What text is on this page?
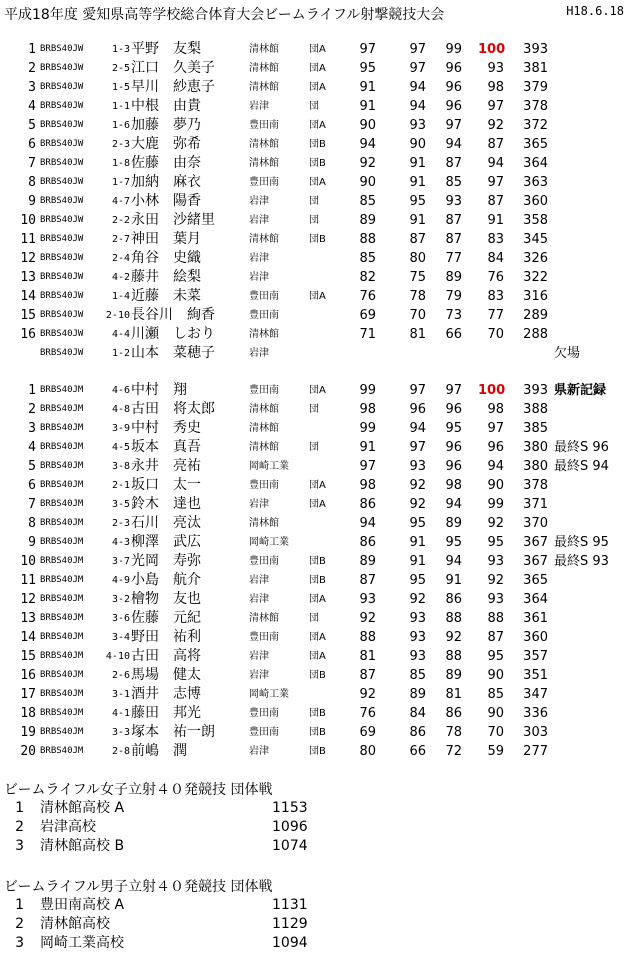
平成18年度 愛知県高等学校総合体育大会ビームライフル射撃競技大会	H18.6.18
1 BRBS40JW	1-3 平野　友梨	清林館	団A	97	97	99 100 393
2 BRBS40JW	2-5 江口　久美子	清林館	団A	95	97	96	93 381
3 BRBS40JW	1-5 早川　紗恵子	清林館	団A	91	94	96	98 379
4 BRBS40JW	1-1 中根　由貴	岩津	団	91	94	96	97 378
5 BRBS40JW	1-6 加藤　夢乃	豊田南	団A	90	93	97	92 372
6 BRBS40JW	2-3 大鹿　弥希	清林館	団B	94	90	94	87 365
7 BRBS40JW	1-8 佐藤　由奈	清林館	団B	92	91	87	94 364
8 BRBS40JW	1-7 加納　麻衣	豊田南	団A	90	91	85	97 363
9 BRBS40JW	4-7 小林　陽香	岩津	団	85	95	93	87 360
10 BRBS40JW	2-2 永田　沙緒里	岩津	団	89	91	87	91 358
11 BRBS40JW	2-7 神田　葉月	清林館	団B	88	87	87	83 345
12 BRBS40JW	2-4 角谷　史織	岩津	85	80	77	84 326
13 BRBS40JW	4-2 藤井　絵梨	岩津	82	75	89	76 322
14 BRBS40JW	1-4 近藤　未菜	豊田南	団A	76	78	79	83 316
15 BRBS40JW	2-10 長谷川　絢香	豊田南	69	70	73	77 289
16 BRBS40JW	4-4 川瀬　しおり	清林館	71	81	66	70 288
BRBS40JW	1-2 山本　菜穂子	岩津	欠場
1 BRBS40JM	4-6 中村　翔	豊田南	団A	99	97	97 100 393 県新記録
2 BRBS40JM	4-8 古田　将太郎	清林館	団	98	96	96	98 388
3 BRBS40JM	3-9 中村　秀史	清林館	99	94	95	97 385
4 BRBS40JM	4-5 坂本　真吾	清林館	団	91	97	96	96 380 最終S 96
5 BRBS40JM	3-8 永井　亮祐	岡崎工業	97	93	96	94 380 最終S 94
6 BRBS40JM	2-1 坂口　太一	豊田南	団A	98	92	98	90 378
7 BRBS40JM	3-5 鈴木　達也	岩津	団A	86	92	94	99 371
8 BRBS40JM	2-3 石川　亮汰	清林館	94	95	89	92 370
9 BRBS40JM	4-3 柳澤　武広	岡崎工業	86	91	95	95 367 最終S 95
10 BRBS40JM	3-7 光岡　寿弥	豊田南	団B	89	91	94	93 367 最終S 93
11 BRBS40JM	4-9 小島　航介	岩津	団B	87	95	91	92 365
12 BRBS40JM	3-2 檜物　友也	岩津	団A	93	92	86	93 364
13 BRBS40JM	3-6 佐藤　元紀	清林館	団	92	93	88	88 361
14 BRBS40JM	3-4 野田　祐利	豊田南	団A	88	93	92	87 360
15 BRBS40JM	4-10 古田　高将	岩津	団A	81	93	88	95 357
16 BRBS40JM	2-6 馬場　健太	岩津	団B	87	85	89	90 351
17 BRBS40JM	3-1 酒井　志博	岡崎工業	92	89	81	85 347
18 BRBS40JM	4-1 藤田　邦光	豊田南	団B	76	84	86	90 336
19 BRBS40JM	3-3 塚本　祐一朗	豊田南	団B	69	86	78	70 303
20 BRBS40JM	2-8 前嶋　潤	岩津	団B	80	66	72	59 277
ビームライフル女子立射４０発競技 団体戦
1 清林館高校 A	1153
2 岩津高校	1096
3 清林館高校 B	1074
ビームライフル男子立射４０発競技 団体戦
1 豊田南高校 A	1131
2 清林館高校	1129
3 岡崎工業高校	1094
